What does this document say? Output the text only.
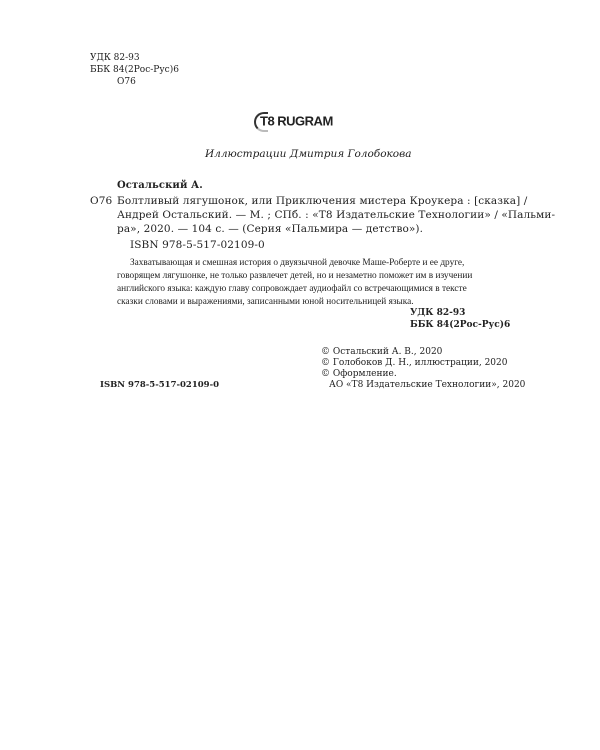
УДК 82-93
ББК 84(2Рос-Рус)6
О76
T8 RUGRAM
Иллюстрации Дмитрия Голобокова
Остальский А.
О76 Болтливый лягушонок, или Приключения мистера Кроукера : [сказка] /
Андрей Остальский. — М. ; СПб. : «Т8 Издательские Технологии» / «Пальми-
ра», 2020. — 104 с. — (Серия «Пальмира — детство»).
ISBN 978-5-517-02109-0
Захватывающая и смешная история о двуязычной девочке Маше-Роберте и ее друге,
говорящем лягушонке, не только развлечет детей, но и незаметно поможет им в изучении
английского языка: каждую главу сопровождает аудиофайл со встречающимися в тексте
сказки словами и выражениями, записанными юной носительницей языка.
УДК 82-93
ББК 84(2Рос-Рус)6
© Остальский А. В., 2020
© Голобоков Д. Н., иллюстрации, 2020
© Оформление.
АО «Т8 Издательские Технологии», 2020
ISBN 978-5-517-02109-0
